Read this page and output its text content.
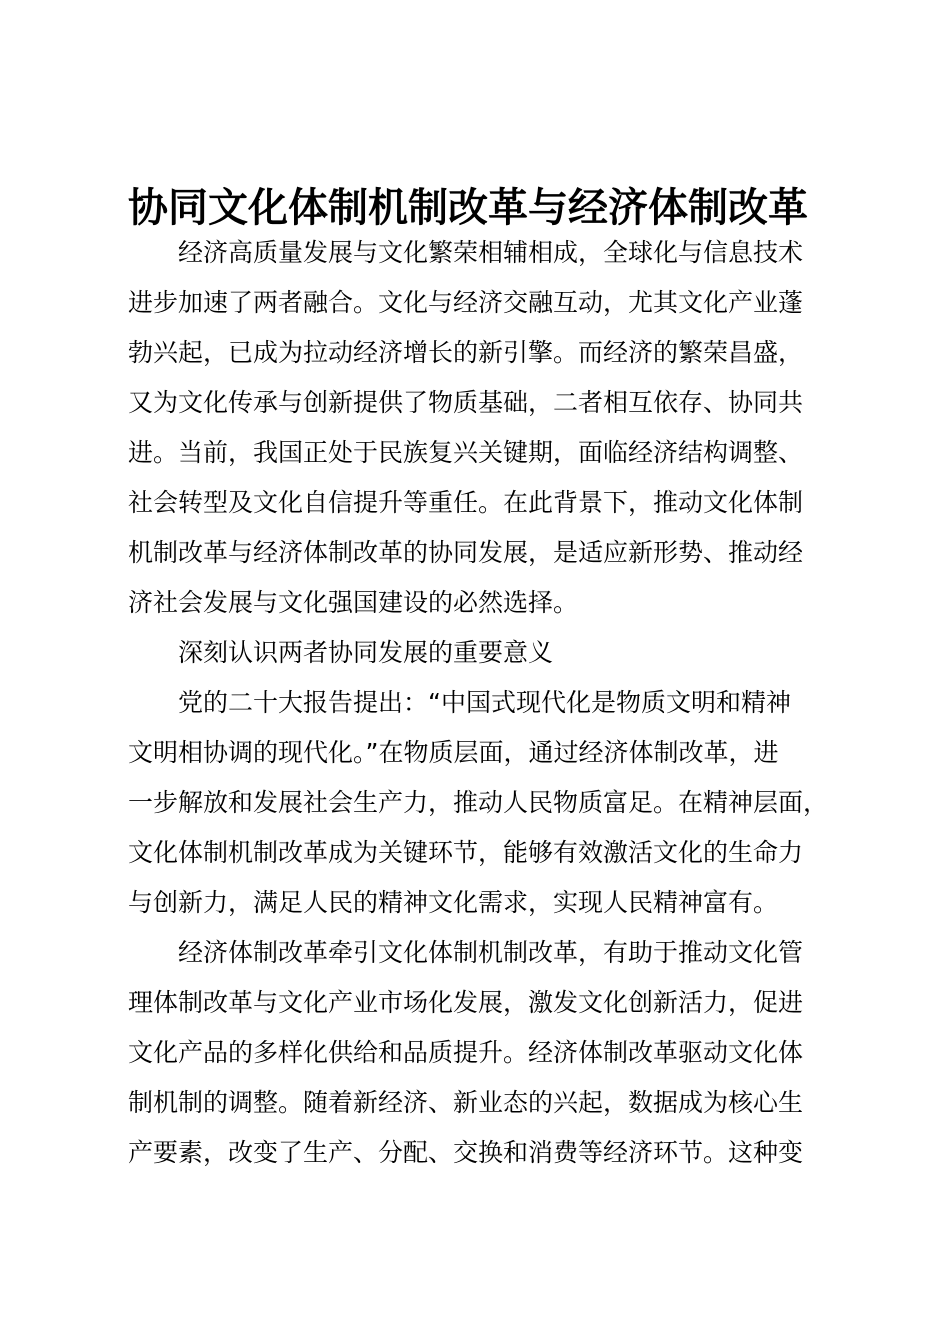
协同文化体制机制改革与经济体制改革
经济高质量发展与文化繁荣相辅相成，全球化与信息技术
进步加速了两者融合。文化与经济交融互动，尤其文化产业蓬
勃兴起，已成为拉动经济增长的新引擎。而经济的繁荣昌盛，
又为文化传承与创新提供了物质基础，二者相互依存、协同共
进。当前，我国正处于民族复兴关键期，面临经济结构调整、
社会转型及文化自信提升等重任。在此背景下，推动文化体制
机制改革与经济体制改革的协同发展，是适应新形势、推动经
济社会发展与文化强国建设的必然选择。
深刻认识两者协同发展的重要意义
党的二十大报告提出：“中国式现代化是物质文明和精神
文明相协调的现代化。”在物质层面，通过经济体制改革，进
一步解放和发展社会生产力，推动人民物质富足。在精神层面，
文化体制机制改革成为关键环节，能够有效激活文化的生命力
与创新力，满足人民的精神文化需求，实现人民精神富有。
经济体制改革牵引文化体制机制改革，有助于推动文化管
理体制改革与文化产业市场化发展，激发文化创新活力，促进
文化产品的多样化供给和品质提升。经济体制改革驱动文化体
制机制的调整。随着新经济、新业态的兴起，数据成为核心生
产要素，改变了生产、分配、交换和消费等经济环节。这种变
